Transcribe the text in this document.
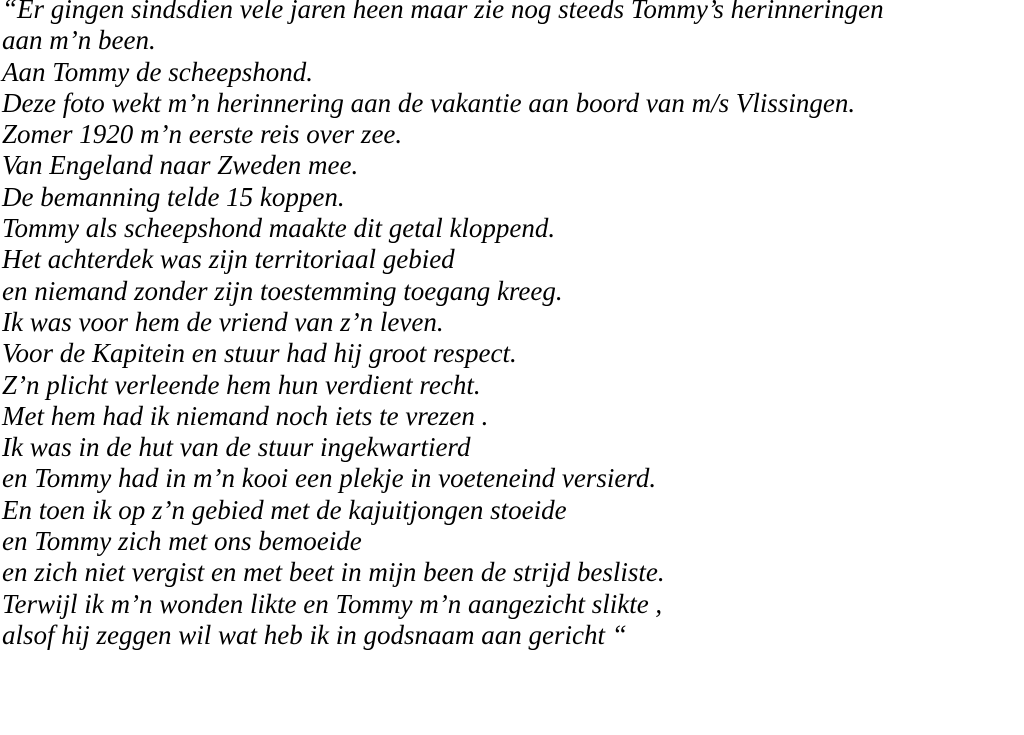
“Er gingen sindsdien vele jaren heen maar zie nog steeds Tommy’s herinneringen
aan m’n been.
Aan Tommy de scheepshond.
Deze foto wekt m’n herinnering aan de vakantie aan boord van m/s Vlissingen.
Zomer 1920 m’n eerste reis over zee.
Van Engeland naar Zweden mee.
De bemanning telde 15 koppen.
Tommy als scheepshond maakte dit getal kloppend.
Het achterdek was zijn territoriaal gebied
en niemand zonder zijn toestemming toegang kreeg.
Ik was voor hem de vriend van z’n leven.
Voor de Kapitein en stuur had hij groot respect.
Z’n plicht verleende hem hun verdient recht.
Met hem had ik niemand noch iets te vrezen .
Ik was in de hut van de stuur ingekwartierd
en Tommy had in m’n kooi een plekje in voeteneind versierd.
En toen ik op z’n gebied met de kajuitjongen stoeide
en Tommy zich met ons bemoeide
en zich niet vergist en met beet in mijn been de strijd besliste.
Terwijl ik m’n wonden likte en Tommy m’n aangezicht slikte ,
alsof hij zeggen wil wat heb ik in godsnaam aan gericht “
